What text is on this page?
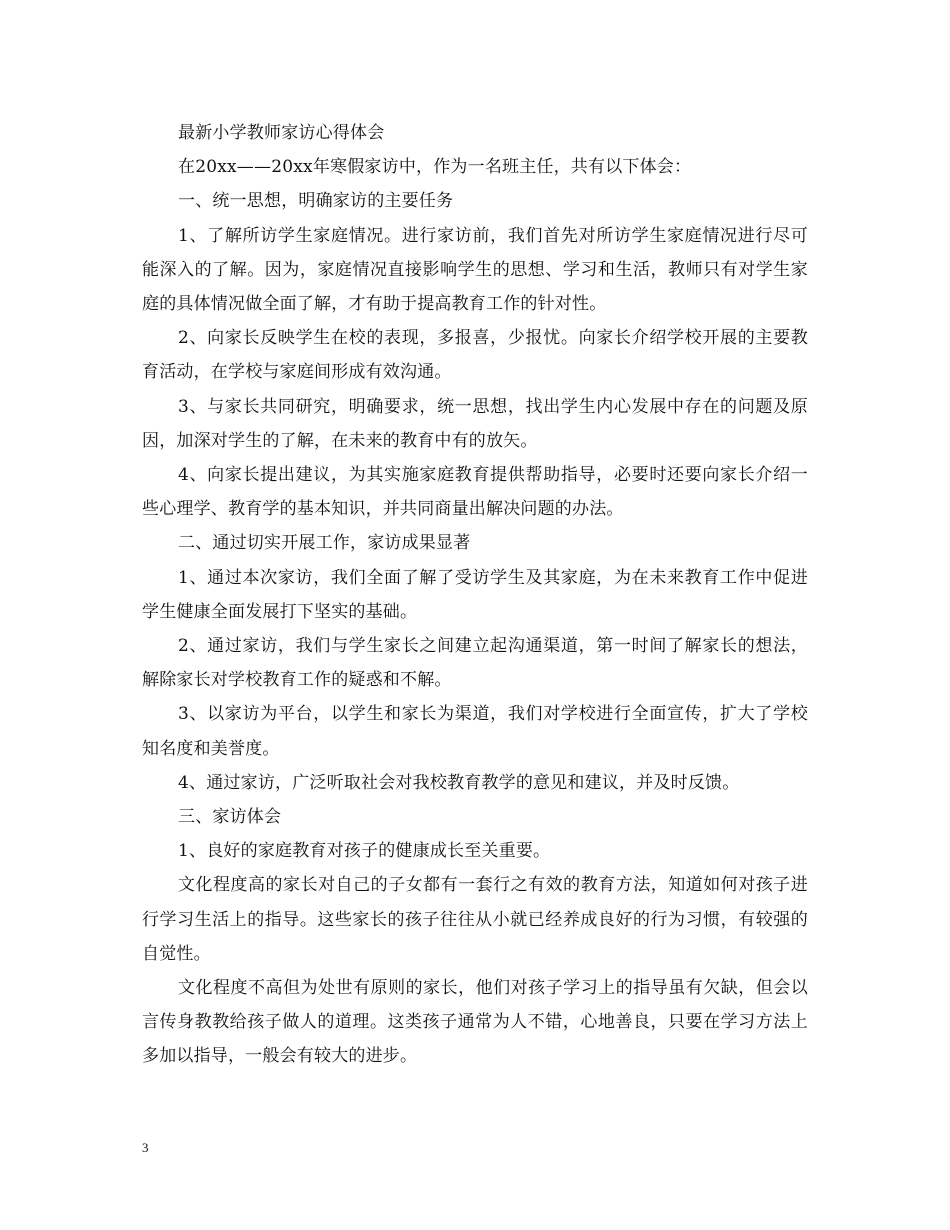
最新小学教师家访心得体会

在20xx——20xx年寒假家访中，作为一名班主任，共有以下体会：

一、统一思想，明确家访的主要任务

1、了解所访学生家庭情况。进行家访前，我们首先对所访学生家庭情况进行尽可能深入的了解。因为，家庭情况直接影响学生的思想、学习和生活，教师只有对学生家庭的具体情况做全面了解，才有助于提高教育工作的针对性。

2、向家长反映学生在校的表现，多报喜，少报忧。向家长介绍学校开展的主要教育活动，在学校与家庭间形成有效沟通。

3、与家长共同研究，明确要求，统一思想，找出学生内心发展中存在的问题及原因，加深对学生的了解，在未来的教育中有的放矢。

4、向家长提出建议，为其实施家庭教育提供帮助指导，必要时还要向家长介绍一些心理学、教育学的基本知识，并共同商量出解决问题的办法。

二、通过切实开展工作，家访成果显著

1、通过本次家访，我们全面了解了受访学生及其家庭，为在未来教育工作中促进学生健康全面发展打下坚实的基础。

2、通过家访，我们与学生家长之间建立起沟通渠道，第一时间了解家长的想法，解除家长对学校教育工作的疑惑和不解。

3、以家访为平台，以学生和家长为渠道，我们对学校进行全面宣传，扩大了学校知名度和美誉度。

4、通过家访，广泛听取社会对我校教育教学的意见和建议，并及时反馈。

三、家访体会

1、良好的家庭教育对孩子的健康成长至关重要。

文化程度高的家长对自己的子女都有一套行之有效的教育方法，知道如何对孩子进行学习生活上的指导。这些家长的孩子往往从小就已经养成良好的行为习惯，有较强的自觉性。

文化程度不高但为处世有原则的家长，他们对孩子学习上的指导虽有欠缺，但会以言传身教教给孩子做人的道理。这类孩子通常为人不错，心地善良，只要在学习方法上多加以指导，一般会有较大的进步。

3
